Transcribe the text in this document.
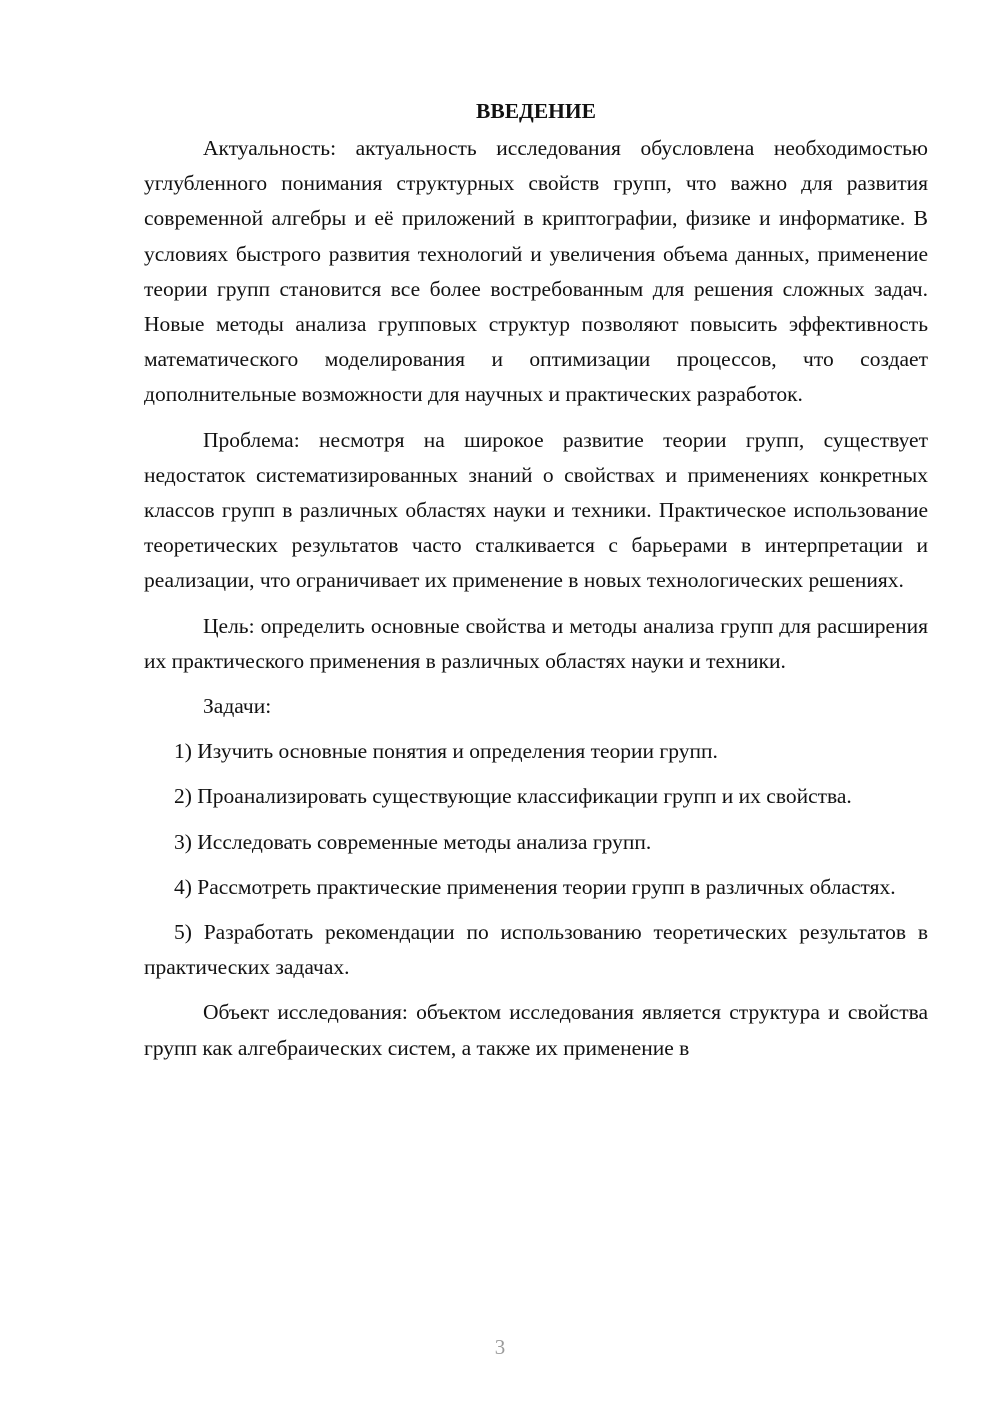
ВВЕДЕНИЕ

Актуальность: актуальность исследования обусловлена необходимостью углубленного понимания структурных свойств групп, что важно для развития современной алгебры и её приложений в криптографии, физике и информатике. В условиях быстрого развития технологий и увеличения объема данных, применение теории групп становится все более востребованным для решения сложных задач. Новые методы анализа групповых структур позволяют повысить эффективность математического моделирования и оптимизации процессов, что создает дополнительные возможности для научных и практических разработок.

Проблема: несмотря на широкое развитие теории групп, существует недостаток систематизированных знаний о свойствах и применениях конкретных классов групп в различных областях науки и техники. Практическое использование теоретических результатов часто сталкивается с барьерами в интерпретации и реализации, что ограничивает их применение в новых технологических решениях.

Цель: определить основные свойства и методы анализа групп для расширения их практического применения в различных областях науки и техники.

Задачи:

1) Изучить основные понятия и определения теории групп.

2) Проанализировать существующие классификации групп и их свойства.

3) Исследовать современные методы анализа групп.

4) Рассмотреть практические применения теории групп в различных областях.

5) Разработать рекомендации по использованию теоретических результатов в практических задачах.

Объект исследования: объектом исследования является структура и свойства групп как алгебраических систем, а также их применение в

3
